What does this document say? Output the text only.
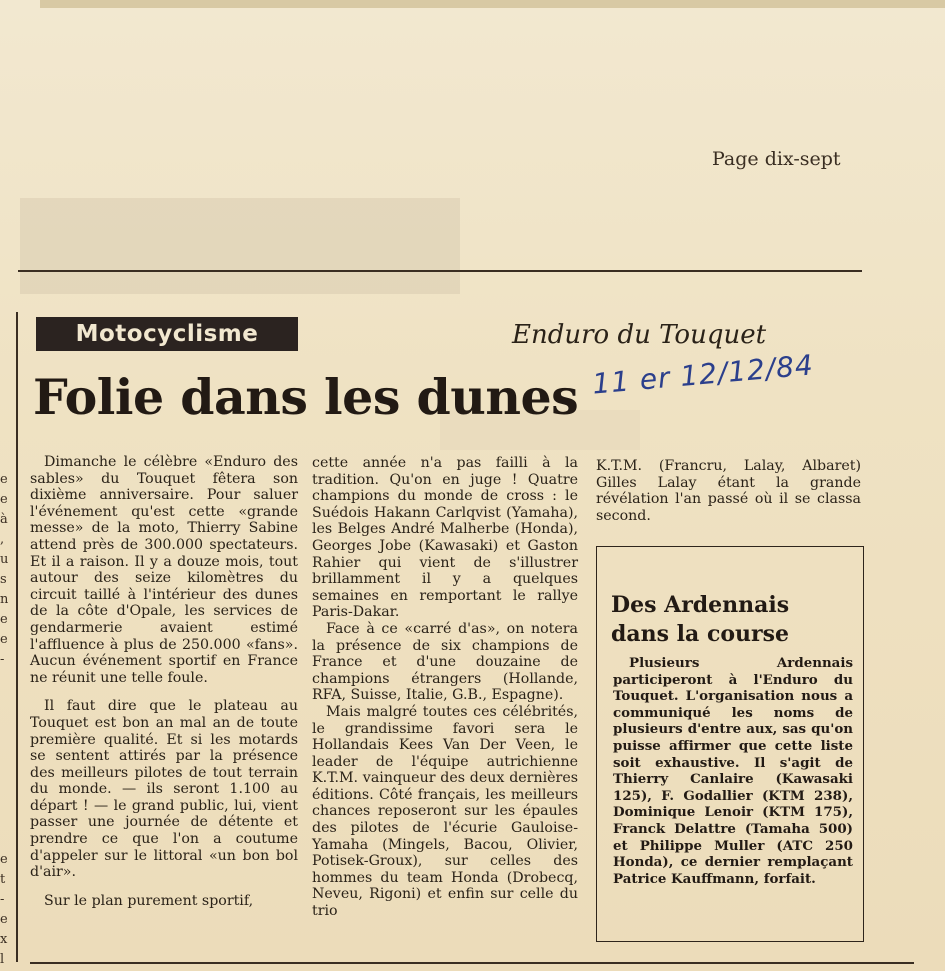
Page dix-sept
e
e
à
,
u
s
n
e
e
-

e
t
-
e
x
l
Motocyclisme	Enduro du Touquet
Folie dans les dunes 11 er 12/12/84

Dimanche le célèbre «Enduro des sables» du Touquet fêtera son dixième anniversaire. Pour saluer l'événement qu'est cette «grande messe» de la moto, Thierry Sabine attend près de 300.000 spectateurs. Et il a raison. Il y a douze mois, tout autour des seize kilomètres du circuit taillé à l'intérieur des dunes de la côte d'Opale, les services de gendarmerie avaient estimé l'affluence à plus de 250.000 «fans». Aucun événement sportif en France ne réunit une telle foule.

Il faut dire que le plateau au Touquet est bon an mal an de toute première qualité. Et si les motards se sentent attirés par la présence des meilleurs pilotes de tout terrain du monde. — ils seront 1.100 au départ ! — le grand public, lui, vient passer une journée de détente et prendre ce que l'on a coutume d'appeler sur le littoral «un bon bol d'air».

Sur le plan purement sportif,

cette année n'a pas failli à la tradition. Qu'on en juge ! Quatre champions du monde de cross : le Suédois Hakann Carlqvist (Yamaha), les Belges André Malherbe (Honda), Georges Jobe (Kawasaki) et Gaston Rahier qui vient de s'illustrer brillamment il y a quelques semaines en remportant le rallye Paris-Dakar.

Face à ce «carré d'as», on notera la présence de six champions de France et d'une douzaine de champions étrangers (Hollande, RFA, Suisse, Italie, G.B., Espagne).

Mais malgré toutes ces célébrités, le grandissime favori sera le Hollandais Kees Van Der Veen, le leader de l'équipe autrichienne K.T.M. vainqueur des deux dernières éditions. Côté français, les meilleurs chances reposeront sur les épaules des pilotes de l'écurie Gauloise-Yamaha (Mingels, Bacou, Olivier, Potisek-Groux), sur celles des hommes du team Honda (Drobecq, Neveu, Rigoni) et enfin sur celle du trio

K.T.M. (Francru, Lalay, Albaret) Gilles Lalay étant la grande révélation l'an passé où il se classa second.

Des Ardennais dans la course
Plusieurs Ardennais participeront à l'Enduro du Touquet. L'organisation nous a communiqué les noms de plusieurs d'entre aux, sas qu'on puisse affirmer que cette liste soit exhaustive. Il s'agit de Thierry Canlaire (Kawasaki 125), F. Godallier (KTM 238), Dominique Lenoir (KTM 175), Franck Delattre (Tamaha 500) et Philippe Muller (ATC 250 Honda), ce dernier remplaçant Patrice Kauffmann, forfait.
